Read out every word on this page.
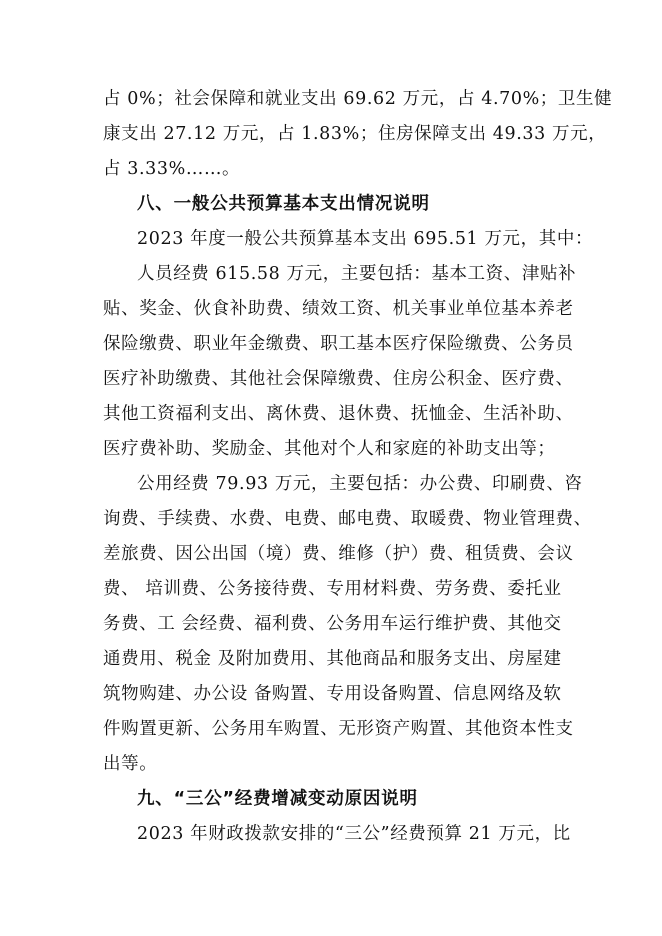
占 0%；社会保障和就业支出 69.62 万元，占 4.70%；卫生健
康支出 27.12 万元，占 1.83%；住房保障支出 49.33 万元，
占 3.33%……。
八、一般公共预算基本支出情况说明
2023 年度一般公共预算基本支出 695.51 万元，其中：
人员经费 615.58 万元，主要包括：基本工资、津贴补
贴、奖金、伙食补助费、绩效工资、机关事业单位基本养老
保险缴费、职业年金缴费、职工基本医疗保险缴费、公务员
医疗补助缴费、其他社会保障缴费、住房公积金、医疗费、
其他工资福利支出、离休费、退休费、抚恤金、生活补助、
医疗费补助、奖励金、其他对个人和家庭的补助支出等；
公用经费 79.93 万元，主要包括：办公费、印刷费、咨
询费、手续费、水费、电费、邮电费、取暖费、物业管理费、
差旅费、因公出国（境）费、维修（护）费、租赁费、会议
费、 培训费、公务接待费、专用材料费、劳务费、委托业
务费、工 会经费、福利费、公务用车运行维护费、其他交
通费用、税金 及附加费用、其他商品和服务支出、房屋建
筑物购建、办公设 备购置、专用设备购置、信息网络及软
件购置更新、公务用车购置、无形资产购置、其他资本性支
出等。
九、“三公”经费增减变动原因说明
2023 年财政拨款安排的“三公”经费预算 21 万元，比
